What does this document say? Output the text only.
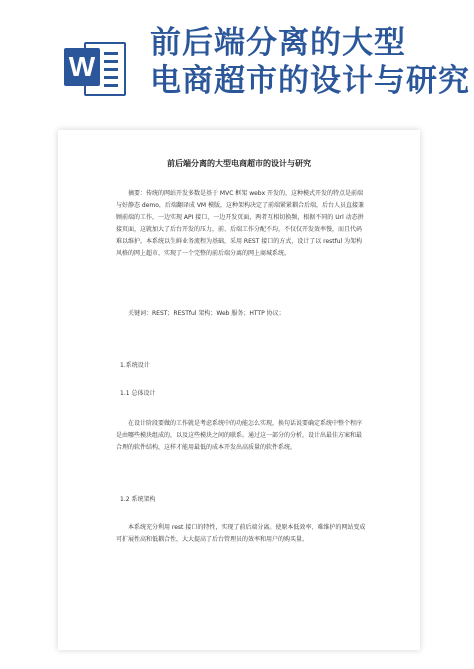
W
前后端分离的大型
电商超市的设计与研究
前后端分离的大型电商超市的设计与研究

摘要：传统的网站开发多数是基于 MVC 框架 webx 开发的，这种模式开发的特点是前端与好静态 demo，后端翻译成 VM 模版，这种架构决定了前端紧紧耦合后端，后台人员直接兼顾前端的工作，一边实现 API 接口，一边开发页面，两者互相切换频，根据不同的 Url 动态拼接页面，这就加大了后台开发的压力，前、后端工作分配不均，不仅仅开发效率慢，而且代码难以维护。本系统以生鲜业务流程为基础，采用 REST 接口的方式，设计了以 restful 为架构风格的网上超市，实现了一个完整的前后端分离的网上商城系统。

关键词：REST；RESTful 架构；Web 服务；HTTP 协议；

1.系统设计
1.1 总体设计

在设计阶段要做的工作就是考虑系统中的功能怎么实现，换句话说要确定系统中整个程序是由哪些模块组成的，以及这些模块之间的联系。通过这一部分的分析，设计出最佳方案和最合理的软件结构，这样才能用最低的成本开发出高质量的软件系统。

1.2 系统架构

本系统充分利用 rest 接口的特性，实现了前后端分离。使原本低效率、难维护的网站变成可扩展性高和低耦合性，大大提高了后台管理员的效率和用户的购买量。
